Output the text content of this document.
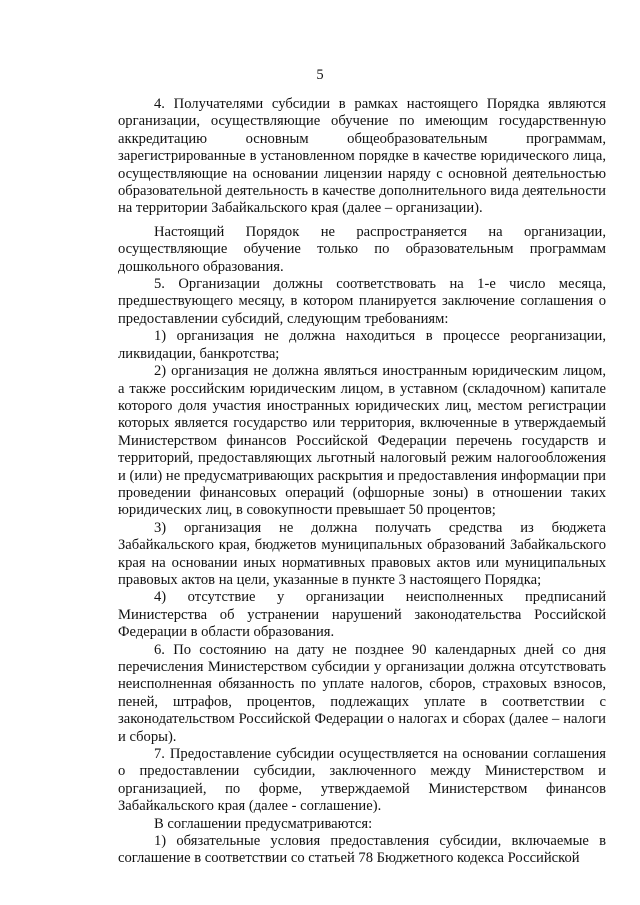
5

4. Получателями субсидии в рамках настоящего Порядка являются организации, осуществляющие обучение по имеющим государственную аккредитацию основным общеобразовательным программам, зарегистрированные в установленном порядке в качестве юридического лица, осуществляющие на основании лицензии наряду с основной деятельностью образовательной деятельность в качестве дополнительного вида деятельности на территории Забайкальского края (далее – организации).

Настоящий Порядок не распространяется на организации, осуществляющие обучение только по образовательным программам дошкольного образования.

5. Организации должны соответствовать на 1-е число месяца, предшествующего месяцу, в котором планируется заключение соглашения о предоставлении субсидий, следующим требованиям:

1) организация не должна находиться в процессе реорганизации, ликвидации, банкротства;

2) организация не должна являться иностранным юридическим лицом, а также российским юридическим лицом, в уставном (складочном) капитале которого доля участия иностранных юридических лиц, местом регистрации которых является государство или территория, включенные в утверждаемый Министерством финансов Российской Федерации перечень государств и территорий, предоставляющих льготный налоговый режим налогообложения и (или) не предусматривающих раскрытия и предоставления информации при проведении финансовых операций (офшорные зоны) в отношении таких юридических лиц, в совокупности превышает 50 процентов;

3) организация не должна получать средства из бюджета Забайкальского края, бюджетов муниципальных образований Забайкальского края на основании иных нормативных правовых актов или муниципальных правовых актов на цели, указанные в пункте 3 настоящего Порядка;

4) отсутствие у организации неисполненных предписаний Министерства об устранении нарушений законодательства Российской Федерации в области образования.

6. По состоянию на дату не позднее 90 календарных дней со дня перечисления Министерством субсидии у организации должна отсутствовать неисполненная обязанность по уплате налогов, сборов, страховых взносов, пеней, штрафов, процентов, подлежащих уплате в соответствии с законодательством Российской Федерации о налогах и сборах (далее – налоги и сборы).

7. Предоставление субсидии осуществляется на основании соглашения о предоставлении субсидии, заключенного между Министерством и организацией, по форме, утверждаемой Министерством финансов Забайкальского края (далее - соглашение).

В соглашении предусматриваются:

1) обязательные условия предоставления субсидии, включаемые в соглашение в соответствии со статьей 78 Бюджетного кодекса Российской
